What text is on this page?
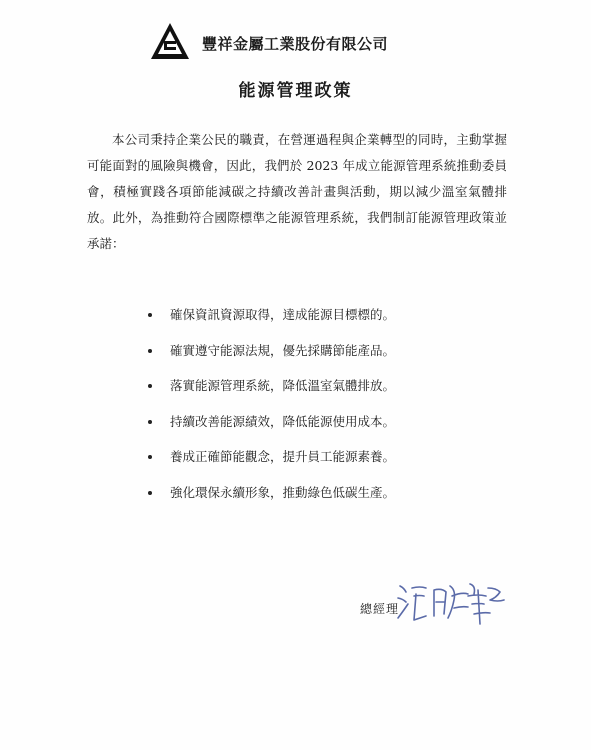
豐祥金屬工業股份有限公司
能源管理政策

本公司秉持企業公民的職責，在營運過程與企業轉型的同時，主動掌握可能面對的風險與機會，因此，我們於 2023 年成立能源管理系統推動委員會，積極實踐各項節能減碳之持續改善計畫與活動，期以減少溫室氣體排放。此外，為推動符合國際標準之能源管理系統，我們制訂能源管理政策並承諾：

確保資訊資源取得，達成能源目標標的。
確實遵守能源法規，優先採購節能產品。
落實能源管理系統，降低溫室氣體排放。
持續改善能源績效，降低能源使用成本。
養成正確節能觀念，提升員工能源素養。
強化環保永續形象，推動綠色低碳生產。
總經理
